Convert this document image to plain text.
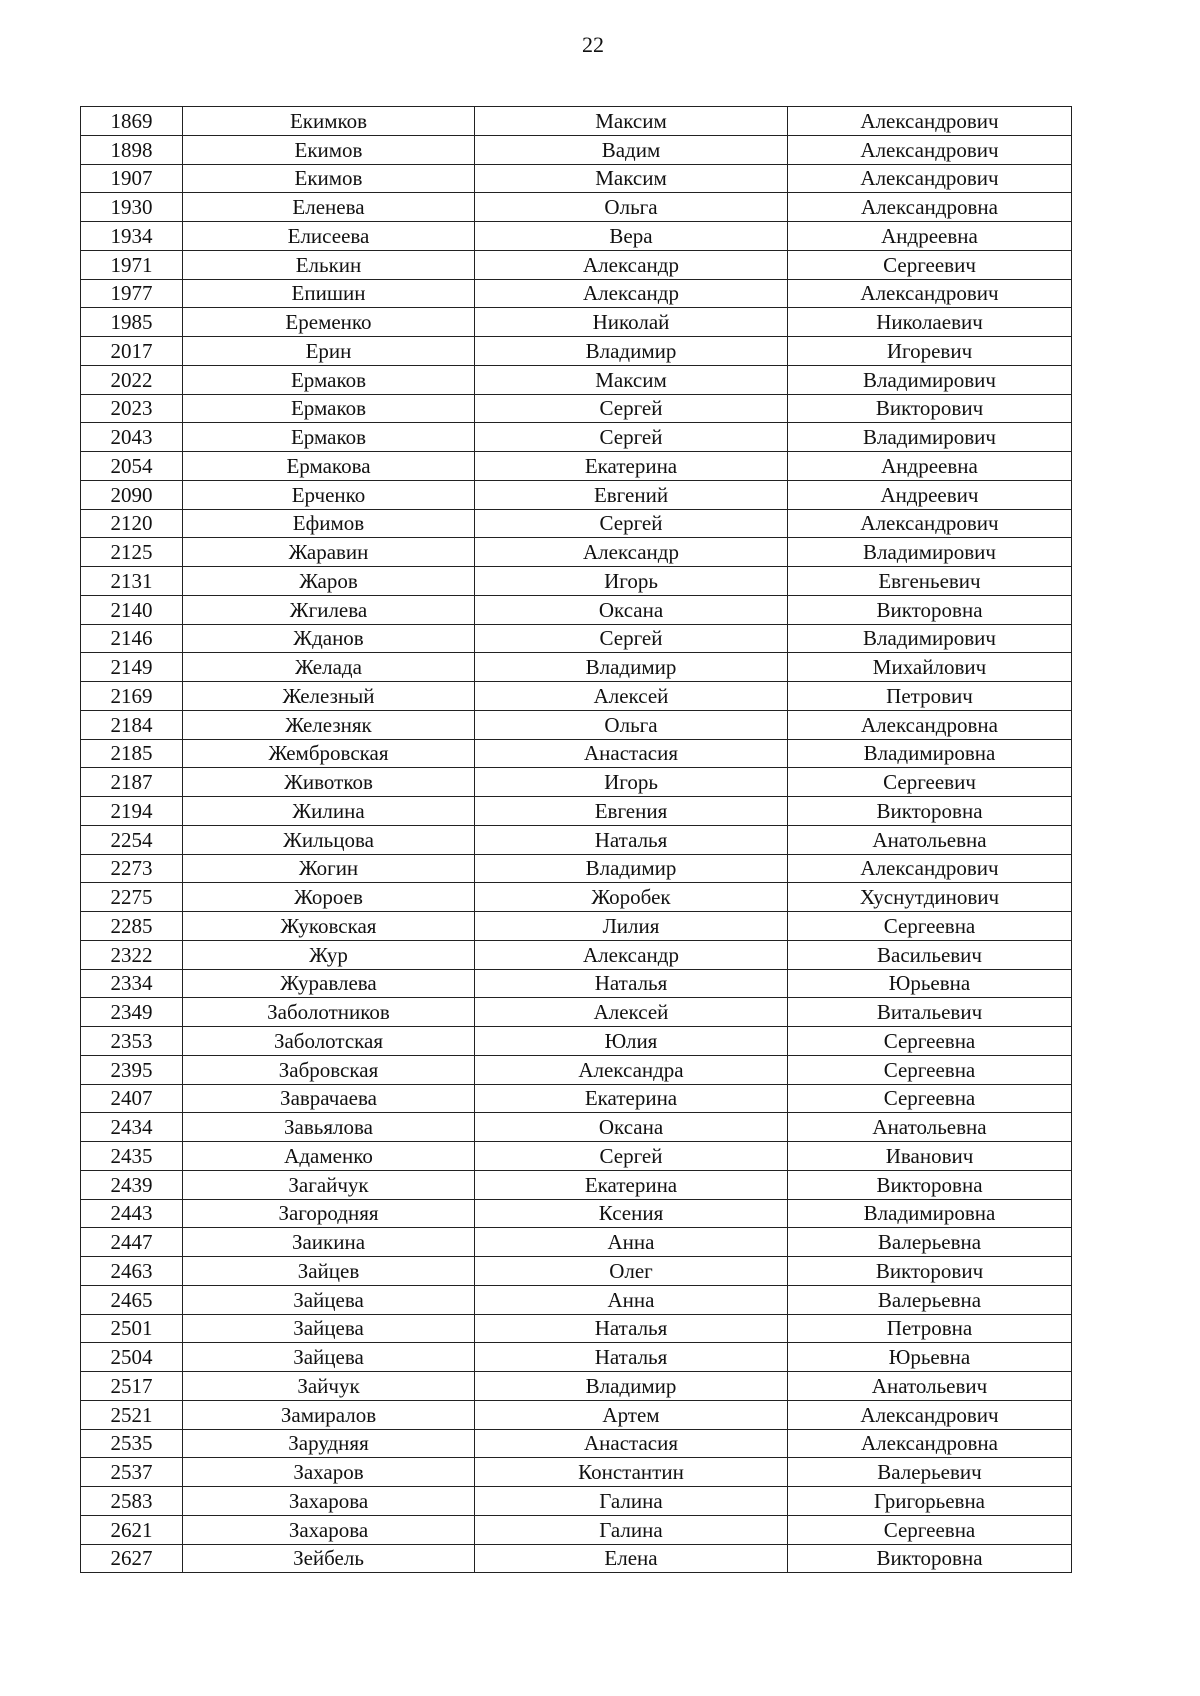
22
1869	Екимков	Максим	Александрович
1898	Екимов	Вадим	Александрович
1907	Екимов	Максим	Александрович
1930	Еленева	Ольга	Александровна
1934	Елисеева	Вера	Андреевна
1971	Елькин	Александр	Сергеевич
1977	Епишин	Александр	Александрович
1985	Еременко	Николай	Николаевич
2017	Ерин	Владимир	Игоревич
2022	Ермаков	Максим	Владимирович
2023	Ермаков	Сергей	Викторович
2043	Ермаков	Сергей	Владимирович
2054	Ермакова	Екатерина	Андреевна
2090	Ерченко	Евгений	Андреевич
2120	Ефимов	Сергей	Александрович
2125	Жаравин	Александр	Владимирович
2131	Жаров	Игорь	Евгеньевич
2140	Жгилева	Оксана	Викторовна
2146	Жданов	Сергей	Владимирович
2149	Желада	Владимир	Михайлович
2169	Железный	Алексей	Петрович
2184	Железняк	Ольга	Александровна
2185	Жембровская	Анастасия	Владимировна
2187	Животков	Игорь	Сергеевич
2194	Жилина	Евгения	Викторовна
2254	Жильцова	Наталья	Анатольевна
2273	Жогин	Владимир	Александрович
2275	Жороев	Жоробек	Хуснутдинович
2285	Жуковская	Лилия	Сергеевна
2322	Жур	Александр	Васильевич
2334	Журавлева	Наталья	Юрьевна
2349	Заболотников	Алексей	Витальевич
2353	Заболотская	Юлия	Сергеевна
2395	Забровская	Александра	Сергеевна
2407	Заврачаева	Екатерина	Сергеевна
2434	Завьялова	Оксана	Анатольевна
2435	Адаменко	Сергей	Иванович
2439	Загайчук	Екатерина	Викторовна
2443	Загородняя	Ксения	Владимировна
2447	Заикина	Анна	Валерьевна
2463	Зайцев	Олег	Викторович
2465	Зайцева	Анна	Валерьевна
2501	Зайцева	Наталья	Петровна
2504	Зайцева	Наталья	Юрьевна
2517	Зайчук	Владимир	Анатольевич
2521	Замиралов	Артем	Александрович
2535	Зарудняя	Анастасия	Александровна
2537	Захаров	Константин	Валерьевич
2583	Захарова	Галина	Григорьевна
2621	Захарова	Галина	Сергеевна
2627	Зейбель	Елена	Викторовна
